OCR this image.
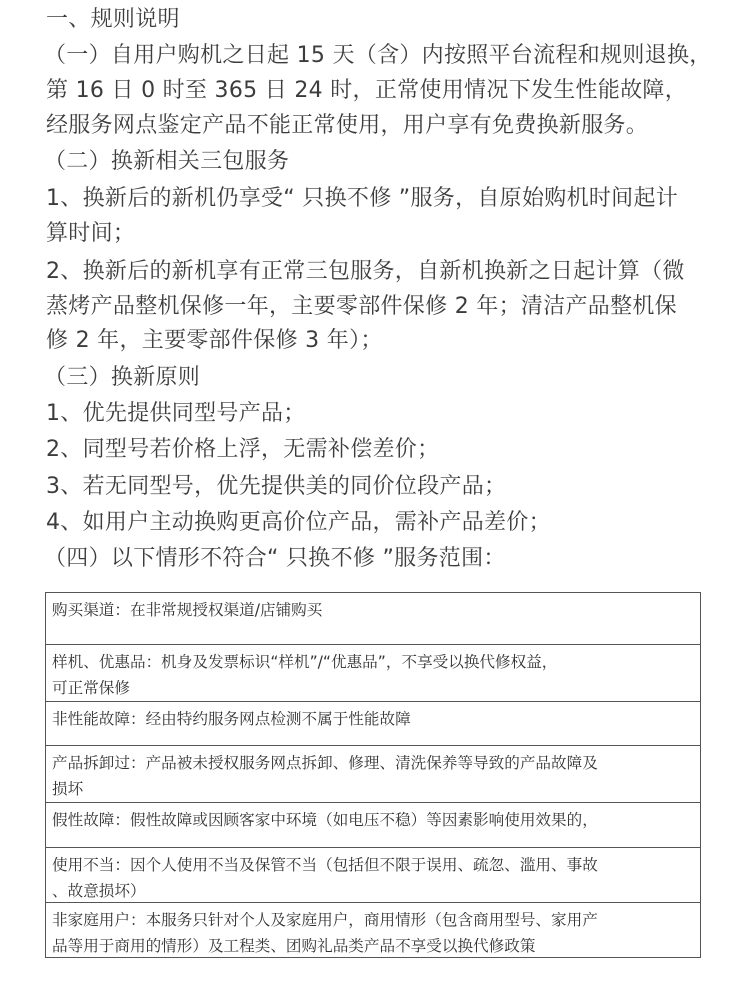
一、规则说明
（一）自用户购机之日起 15 天（含）内按照平台流程和规则退换，
第 16 日 0 时至 365 日 24 时，正常使用情况下发生性能故障，
经服务网点鉴定产品不能正常使用，用户享有免费换新服务。
（二）换新相关三包服务
1、换新后的新机仍享受“ 只换不修 ”服务，自原始购机时间起计
算时间；
2、换新后的新机享有正常三包服务，自新机换新之日起计算（微
蒸烤产品整机保修一年，主要零部件保修 2 年；清洁产品整机保
修 2 年，主要零部件保修 3 年）；
（三）换新原则
1、优先提供同型号产品；
2、同型号若价格上浮，无需补偿差价；
3、若无同型号，优先提供美的同价位段产品；
4、如用户主动换购更高价位产品，需补产品差价；
（四）以下情形不符合“ 只换不修 ”服务范围：
购买渠道：在非常规授权渠道/店铺购买
样机、优惠品：机身及发票标识“样机”/“优惠品”，不享受以换代修权益，
可正常保修
非性能故障：经由特约服务网点检测不属于性能故障
产品拆卸过：产品被未授权服务网点拆卸、修理、清洗保养等导致的产品故障及
损坏
假性故障：假性故障或因顾客家中环境（如电压不稳）等因素影响使用效果的，
使用不当：因个人使用不当及保管不当（包括但不限于误用、疏忽、滥用、事故
、故意损坏）
非家庭用户：本服务只针对个人及家庭用户，商用情形（包含商用型号、家用产
品等用于商用的情形）及工程类、团购礼品类产品不享受以换代修政策
